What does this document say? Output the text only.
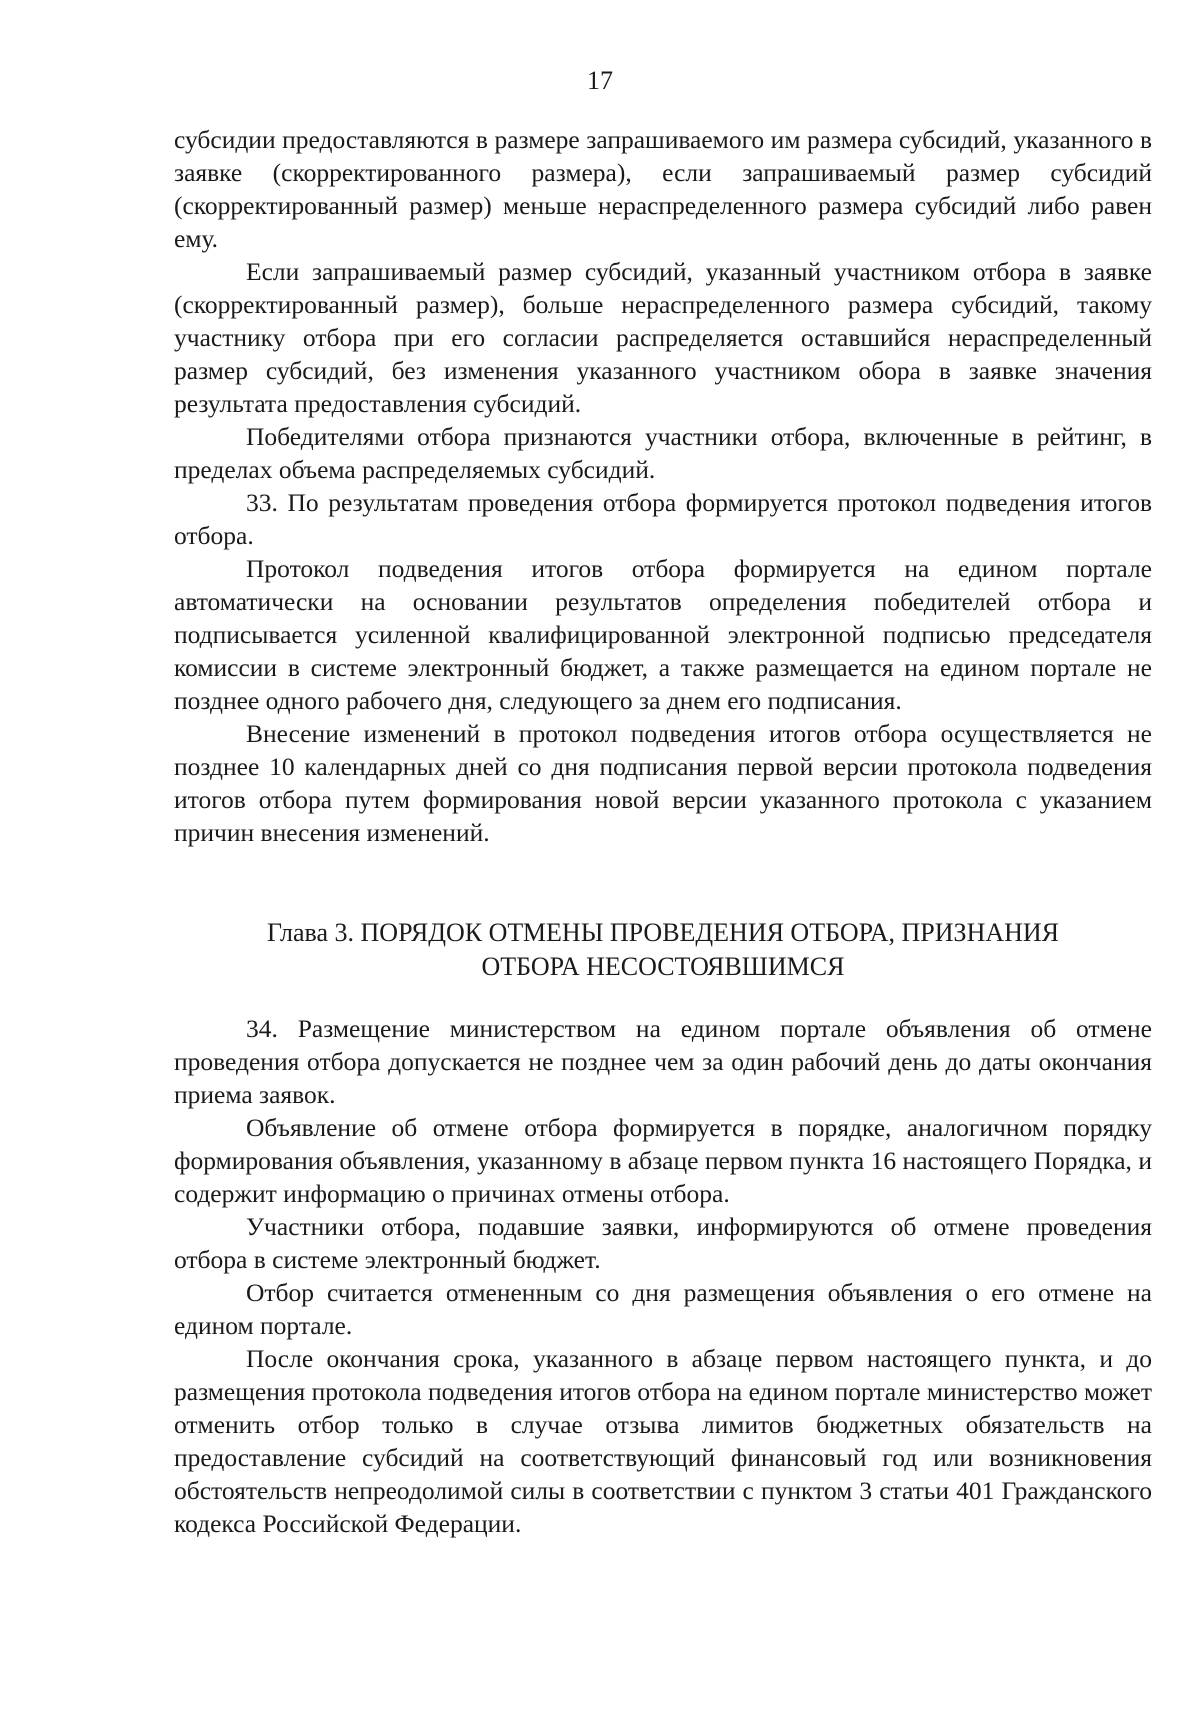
17

субсидии предоставляются в размере запрашиваемого им размера субсидий, указанного в заявке (скорректированного размера), если запрашиваемый размер субсидий (скорректированный размер) меньше нераспределенного размера субсидий либо равен ему.

Если запрашиваемый размер субсидий, указанный участником отбора в заявке (скорректированный размер), больше нераспределенного размера субсидий, такому участнику отбора при его согласии распределяется оставшийся нераспределенный размер субсидий, без изменения указанного участником обора в заявке значения результата предоставления субсидий.

Победителями отбора признаются участники отбора, включенные в рейтинг, в пределах объема распределяемых субсидий.

33. По результатам проведения отбора формируется протокол подведения итогов отбора.

Протокол подведения итогов отбора формируется на едином портале автоматически на основании результатов определения победителей отбора и подписывается усиленной квалифицированной электронной подписью председателя комиссии в системе электронный бюджет, а также размещается на едином портале не позднее одного рабочего дня, следующего за днем его подписания.

Внесение изменений в протокол подведения итогов отбора осуществляется не позднее 10 календарных дней со дня подписания первой версии протокола подведения итогов отбора путем формирования новой версии указанного протокола с указанием причин внесения изменений.

Глава 3. ПОРЯДОК ОТМЕНЫ ПРОВЕДЕНИЯ ОТБОРА, ПРИЗНАНИЯ
ОТБОРА НЕСОСТОЯВШИМСЯ

34. Размещение министерством на едином портале объявления об отмене проведения отбора допускается не позднее чем за один рабочий день до даты окончания приема заявок.

Объявление об отмене отбора формируется в порядке, аналогичном порядку формирования объявления, указанному в абзаце первом пункта 16 настоящего Порядка, и содержит информацию о причинах отмены отбора.

Участники отбора, подавшие заявки, информируются об отмене проведения отбора в системе электронный бюджет.

Отбор считается отмененным со дня размещения объявления о его отмене на едином портале.

После окончания срока, указанного в абзаце первом настоящего пункта, и до размещения протокола подведения итогов отбора на едином портале министерство может отменить отбор только в случае отзыва лимитов бюджетных обязательств на предоставление субсидий на соответствующий финансовый год или возникновения обстоятельств непреодолимой силы в соответствии с пунктом 3 статьи 401 Гражданского кодекса Российской Федерации.
